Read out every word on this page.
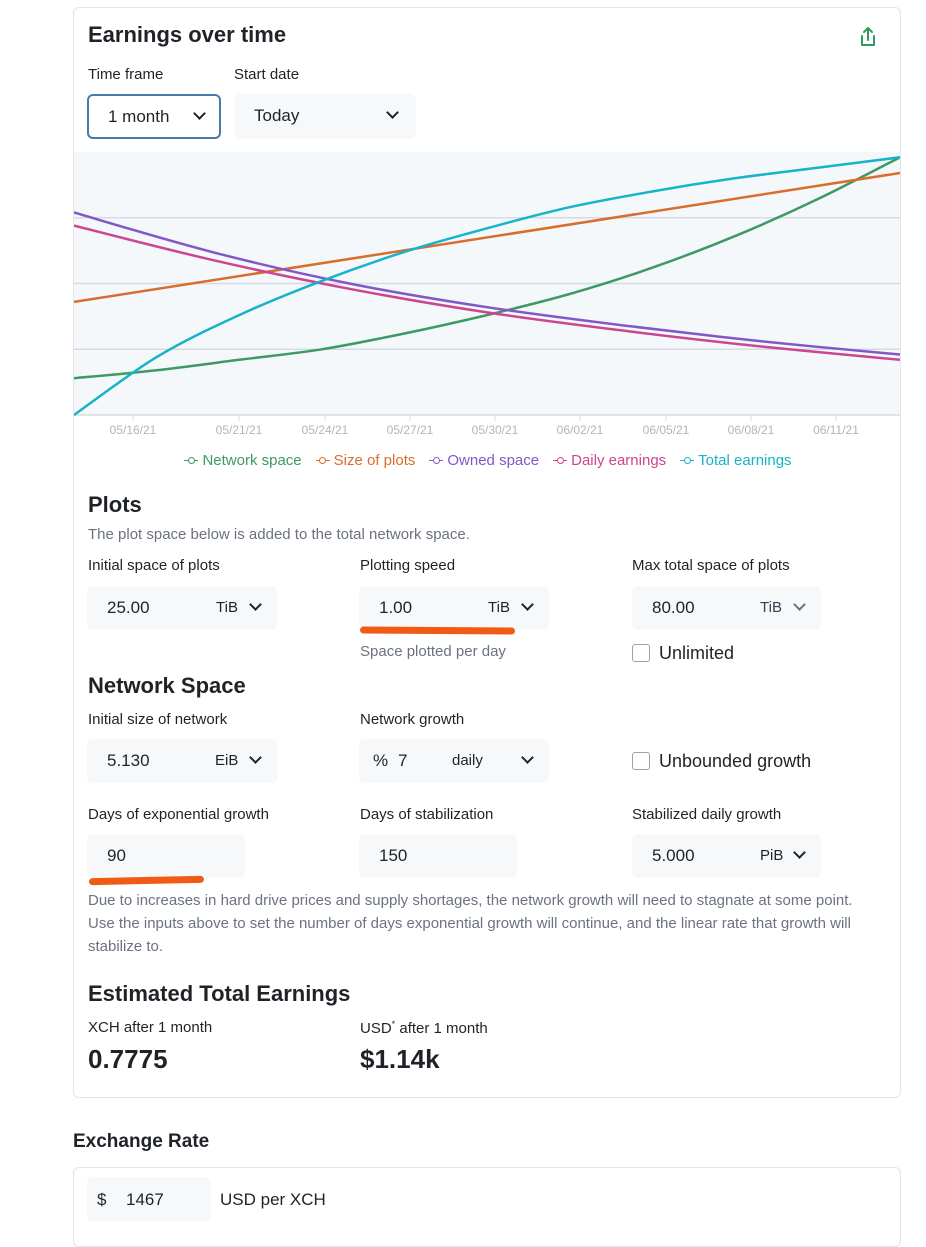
Earnings over time
Time frame	Start date
1 month	Today
05/16/21	05/21/21	05/24/21	05/27/21	05/30/21	06/02/21	06/05/21	06/08/21	06/11/21
Network space Size of plots Owned space Daily earnings Total earnings
Plots
The plot space below is added to the total network space.
Initial space of plots	Plotting speed	Max total space of plots
25.00	TiB	1.00	TiB	80.00	TiB
Space plotted per day	Unlimited
Network Space
Initial size of network	Network growth
5.130	EiB	% 7	daily	Unbounded growth
Days of exponential growth	Days of stabilization	Stabilized daily growth
90	150	5.000	PiB
Due to increases in hard drive prices and supply shortages, the network growth will need to stagnate at some point. Use the inputs above to set the number of days exponential growth will continue, and the linear rate that growth will stabilize to.
Estimated Total Earnings
XCH after 1 month	USD* after 1 month
0.7775	$1.14k
Exchange Rate
$ 1467	USD per XCH
